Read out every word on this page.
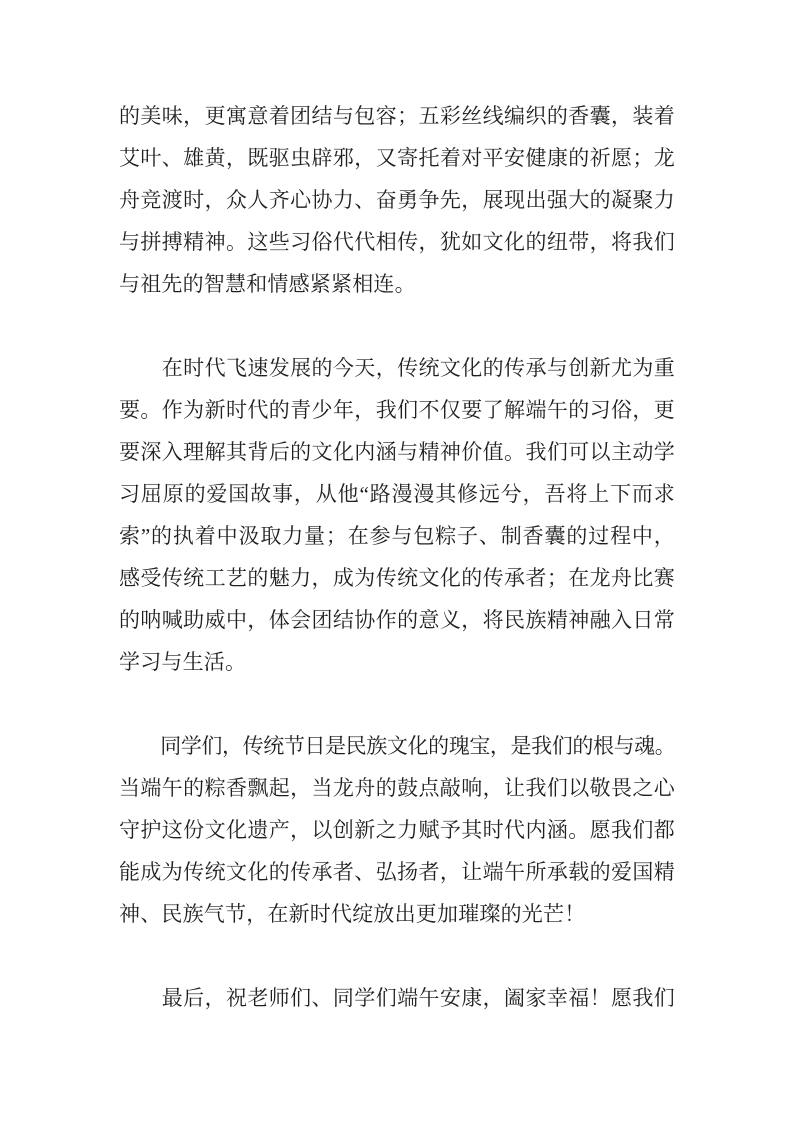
的美味，更寓意着团结与包容；五彩丝线编织的香囊，装着
艾叶、雄黄，既驱虫辟邪，又寄托着对平安健康的祈愿；龙
舟竞渡时，众人齐心协力、奋勇争先，展现出强大的凝聚力
与拼搏精神。这些习俗代代相传，犹如文化的纽带，将我们
与祖先的智慧和情感紧紧相连。
　　在时代飞速发展的今天，传统文化的传承与创新尤为重
要。作为新时代的青少年，我们不仅要了解端午的习俗，更
要深入理解其背后的文化内涵与精神价值。我们可以主动学
习屈原的爱国故事，从他“路漫漫其修远兮，吾将上下而求
索”的执着中汲取力量；在参与包粽子、制香囊的过程中，
感受传统工艺的魅力，成为传统文化的传承者；在龙舟比赛
的呐喊助威中，体会团结协作的意义，将民族精神融入日常
学习与生活。
　　同学们，传统节日是民族文化的瑰宝，是我们的根与魂。
当端午的粽香飘起，当龙舟的鼓点敲响，让我们以敬畏之心
守护这份文化遗产，以创新之力赋予其时代内涵。愿我们都
能成为传统文化的传承者、弘扬者，让端午所承载的爱国精
神、民族气节，在新时代绽放出更加璀璨的光芒！
　　最后，祝老师们、同学们端午安康，阖家幸福！愿我们
